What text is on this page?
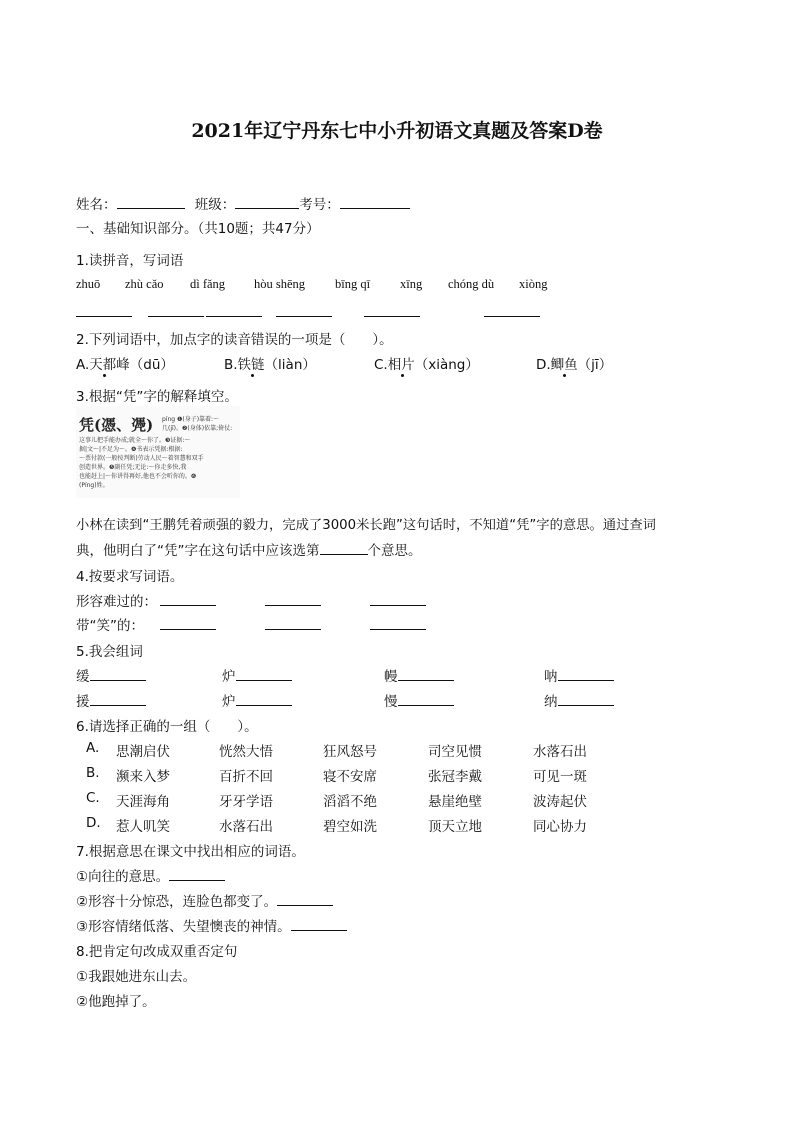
2021年辽宁丹东七中小升初语文真题及答案D卷
姓名：	班级：	考号：
一、基础知识部分。（共10题；共47分）
1.读拼音，写词语
zhuō zhù cǎo dì fǎng hòu shēng bīng qī xīng chóng dù xiòng
2.下列词语中，加点字的读音错误的一项是（　　）。
A.天都峰（dū）	B.铁链（liàn）	C.相片（xiàng）	D.鲫鱼（jī）
3.根据“凭”字的解释填空。
凭(憑、凴) píng ❶(身子)靠着:～
几(jī)。❷(身体)依靠;倚仗:
这事儿把手能办成;就全～你了。❸证据:～
据|文～|不足为～。❹书表示凭据:根据:
～票付款(一般按判断)劳动人民～着智慧和双手
创造世界。❺副任凭;无论:～你走多快,我
也能赶上|～你讲得再好,他也不会听你的。❻
(Píng)姓。
小林在读到“王鹏凭着顽强的毅力，完成了3000米长跑”这句话时，不知道“凭”字的意思。通过查词
典，他明白了“凭”字在这句话中应该选第	个意思。
4.按要求写词语。
形容难过的：
带“笑”的：
5.我会组词
缓	炉	幔	呐
援	炉	慢	纳
6.请选择正确的一组（　　）。
A. 思潮启伏	恍然大悟	狂风怒号	司空见惯	水落石出
B. 濒来入梦	百折不回	寝不安席	张冠李戴	可见一斑
C. 天涯海角	牙牙学语	滔滔不绝	悬崖绝壁	波涛起伏
D. 惹人叽笑	水落石出	碧空如洗	顶天立地	同心协力
7.根据意思在课文中找出相应的词语。
①向往的意思。
②形容十分惊恐，连脸色都变了。
③形容情绪低落、失望懊丧的神情。
8.把肯定句改成双重否定句
①我跟她进东山去。
②他跑掉了。
